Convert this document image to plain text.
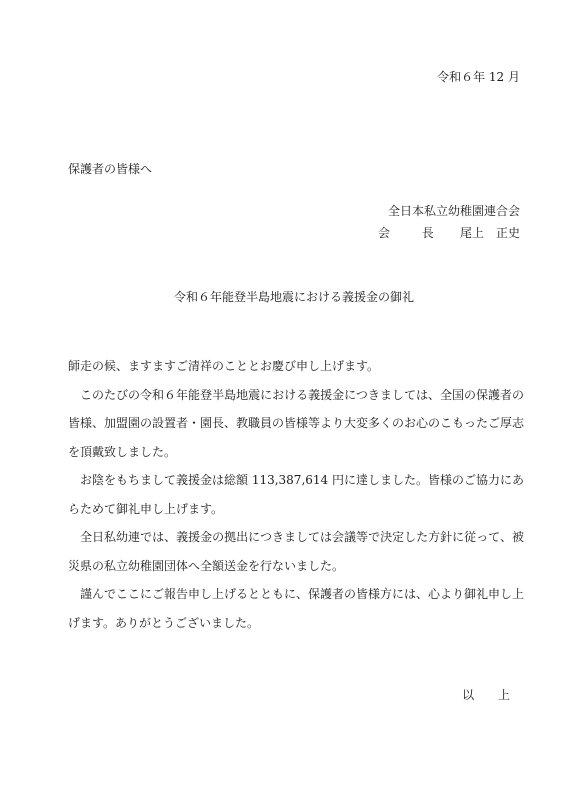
令和６年 12 月
保護者の皆様へ
全日本私立幼稚園連合会
会 長 尾上　正史
令和６年能登半島地震における義援金の御礼

師走の候、ますますご清祥のこととお慶び申し上げます。

このたびの令和６年能登半島地震における義援金につきましては、全国の保護者の皆様、加盟園の設置者・園長、教職員の皆様等より大変多くのお心のこもったご厚志を頂戴致しました。

お陰をもちまして義援金は総額 113,387,614 円に達しました。皆様のご協力にあらためて御礼申し上げます。

全日私幼連では、義援金の拠出につきましては会議等で決定した方針に従って、被災県の私立幼稚園団体へ全額送金を行ないました。

謹んでここにご報告申し上げるとともに、保護者の皆様方には、心より御礼申し上げます。ありがとうございました。

以 上
